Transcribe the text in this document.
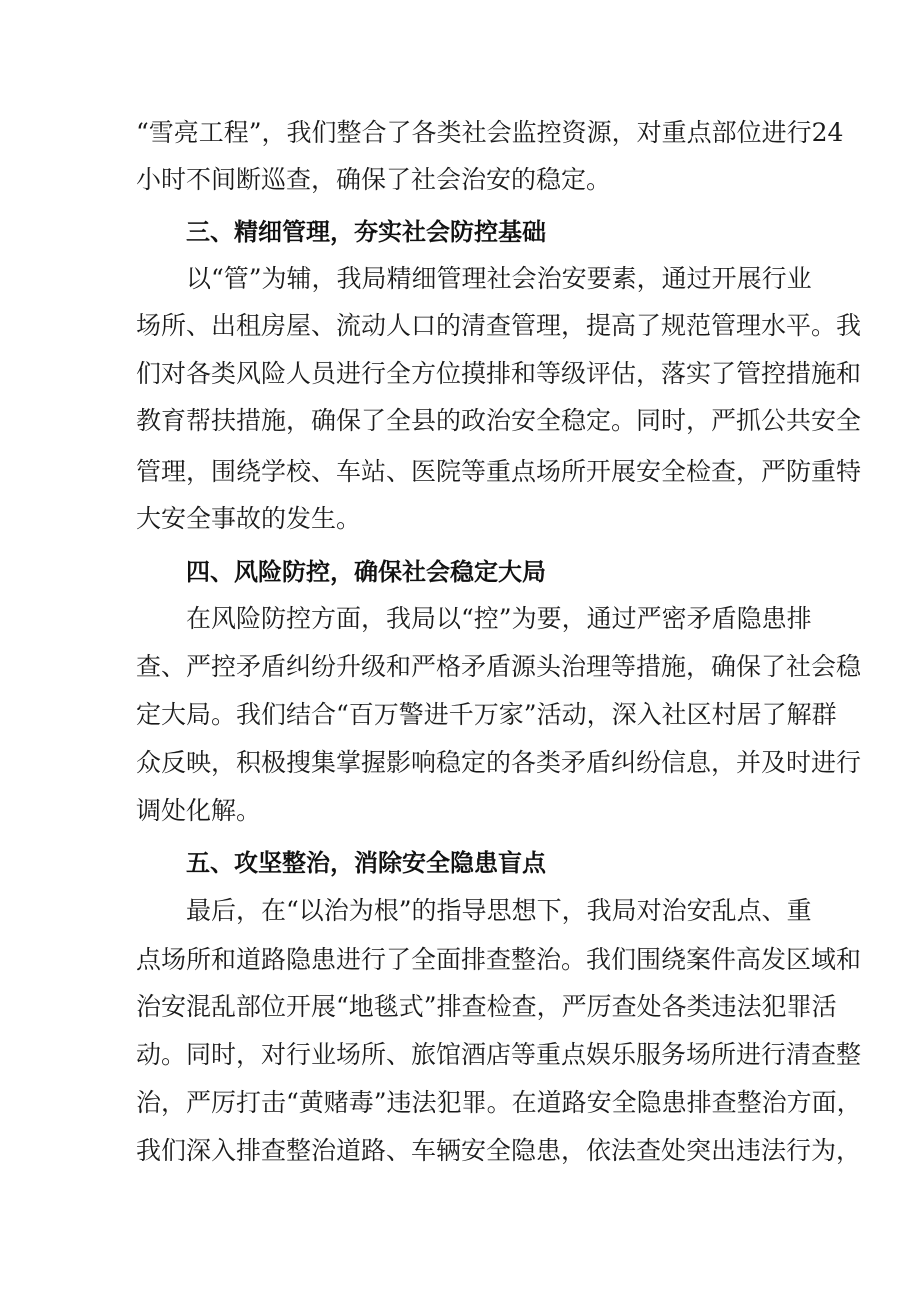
“雪亮工程”，我们整合了各类社会监控资源，对重点部位进行24
小时不间断巡查，确保了社会治安的稳定。
三、精细管理，夯实社会防控基础
以“管”为辅，我局精细管理社会治安要素，通过开展行业
场所、出租房屋、流动人口的清查管理，提高了规范管理水平。我
们对各类风险人员进行全方位摸排和等级评估，落实了管控措施和
教育帮扶措施，确保了全县的政治安全稳定。同时，严抓公共安全
管理，围绕学校、车站、医院等重点场所开展安全检查，严防重特
大安全事故的发生。
四、风险防控，确保社会稳定大局
在风险防控方面，我局以“控”为要，通过严密矛盾隐患排
查、严控矛盾纠纷升级和严格矛盾源头治理等措施，确保了社会稳
定大局。我们结合“百万警进千万家”活动，深入社区村居了解群
众反映，积极搜集掌握影响稳定的各类矛盾纠纷信息，并及时进行
调处化解。
五、攻坚整治，消除安全隐患盲点
最后，在“以治为根”的指导思想下，我局对治安乱点、重
点场所和道路隐患进行了全面排查整治。我们围绕案件高发区域和
治安混乱部位开展“地毯式”排查检查，严厉查处各类违法犯罪活
动。同时，对行业场所、旅馆酒店等重点娱乐服务场所进行清查整
治，严厉打击“黄赌毒”违法犯罪。在道路安全隐患排查整治方面，
我们深入排查整治道路、车辆安全隐患，依法查处突出违法行为，
